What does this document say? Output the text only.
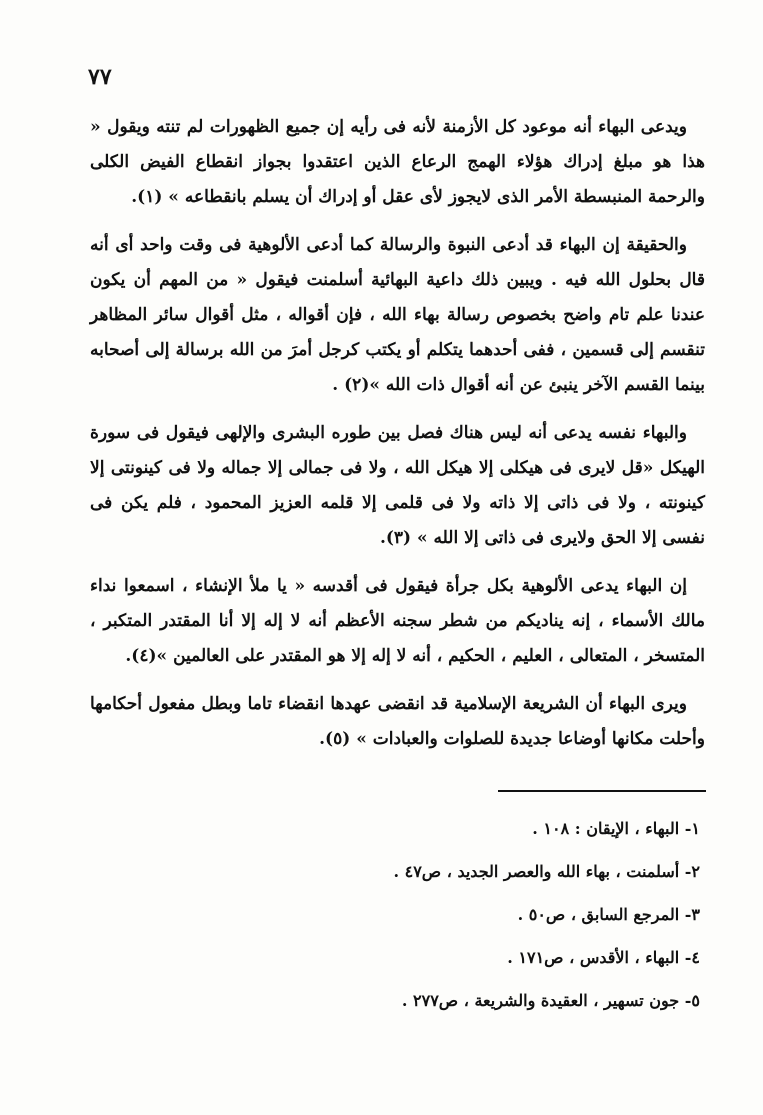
٧٧

ويدعى البهاء أنه موعود كل الأزمنة لأنه فى رأيه إن جميع الظهورات لم تنته ويقول « هذا هو مبلغ إدراك هؤلاء الهمج الرعاع الذين اعتقدوا بجواز انقطاع الفيض الكلى والرحمة المنبسطة الأمر الذى لايجوز لأى عقل أو إدراك أن يسلم بانقطاعه » (١).

والحقيقة إن البهاء قد أدعى النبوة والرسالة كما أدعى الألوهية فى وقت واحد أى أنه قال بحلول الله فيه . ويبين ذلك داعية البهائية أسلمنت فيقول « من المهم أن يكون عندنا علم تام واضح بخصوص رسالة بهاء الله ، فإن أقواله ، مثل أقوال سائر المظاهر تنقسم إلى قسمين ، ففى أحدهما يتكلم أو يكتب كرجل أمرَ من الله برسالة إلى أصحابه بينما القسم الآخر ينبئ عن أنه أقوال ذات الله »(٢) .

والبهاء نفسه يدعى أنه ليس هناك فصل بين طوره البشرى والإلهى فيقول فى سورة الهيكل «قل لايرى فى هيكلى إلا هيكل الله ، ولا فى جمالى إلا جماله ولا فى كينونتى إلا كينونته ، ولا فى ذاتى إلا ذاته ولا فى قلمى إلا قلمه العزيز المحمود ، فلم يكن فى نفسى إلا الحق ولايرى فى ذاتى إلا الله » (٣).

إن البهاء يدعى الألوهية بكل جرأة فيقول فى أقدسه « يا ملأ الإنشاء ، اسمعوا نداء مالك الأسماء ، إنه يناديكم من شطر سجنه الأعظم أنه لا إله إلا أنا المقتدر المتكبر ، المتسخر ، المتعالى ، العليم ، الحكيم ، أنه لا إله إلا هو المقتدر على العالمين »(٤).

ويرى البهاء أن الشريعة الإسلامية قد انقضى عهدها انقضاء تاما وبطل مفعول أحكامها وأحلت مكانها أوضاعا جديدة للصلوات والعبادات » (٥).

١- البهاء ، الإيقان : ١٠٨ .
٢- أسلمنت ، بهاء الله والعصر الجديد ، ص٤٧ .
٣- المرجع السابق ، ص٥٠ .
٤- البهاء ، الأقدس ، ص١٧١ .
٥- جون تسهير ، العقيدة والشريعة ، ص٢٧٧ .
